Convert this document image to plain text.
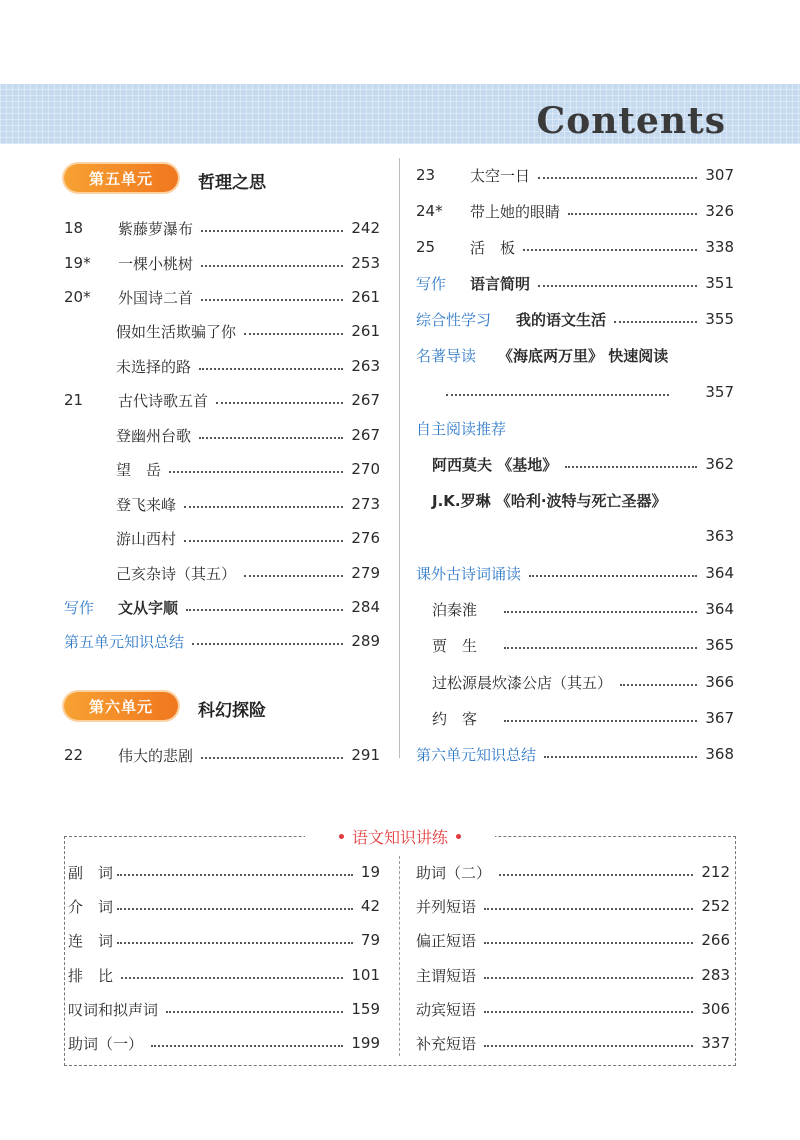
Contents
第五单元	哲理之思
18	紫藤萝瀑布	242
19*	一棵小桃树	253
20*	外国诗二首	261
假如生活欺骗了你	261
未选择的路	263
21	古代诗歌五首	267
登幽州台歌	267
望　岳	270
登飞来峰	273
游山西村	276
己亥杂诗（其五）	279
写作	文从字顺	284
第五单元知识总结	289
第六单元	科幻探险
22	伟大的悲剧	291
23	太空一日	307
24*	带上她的眼睛	326
25	活　板	338
写作	语言简明	351
综合性学习	我的语文生活	355
名著导读	《海底两万里》 快速阅读
357
自主阅读推荐
阿西莫夫 《基地》	362
J.K.罗琳 《哈利·波特与死亡圣器》
363
课外古诗词诵读	364
泊秦淮	364
贾　生	365
过松源晨炊漆公店（其五）	366
约　客	367
第六单元知识总结	368
语文知识讲练
副　词	19
介　词	42
连　词	79
排　比	101
叹词和拟声词	159
助词（一）	199
助词（二）	212
并列短语	252
偏正短语	266
主谓短语	283
动宾短语	306
补充短语	337
